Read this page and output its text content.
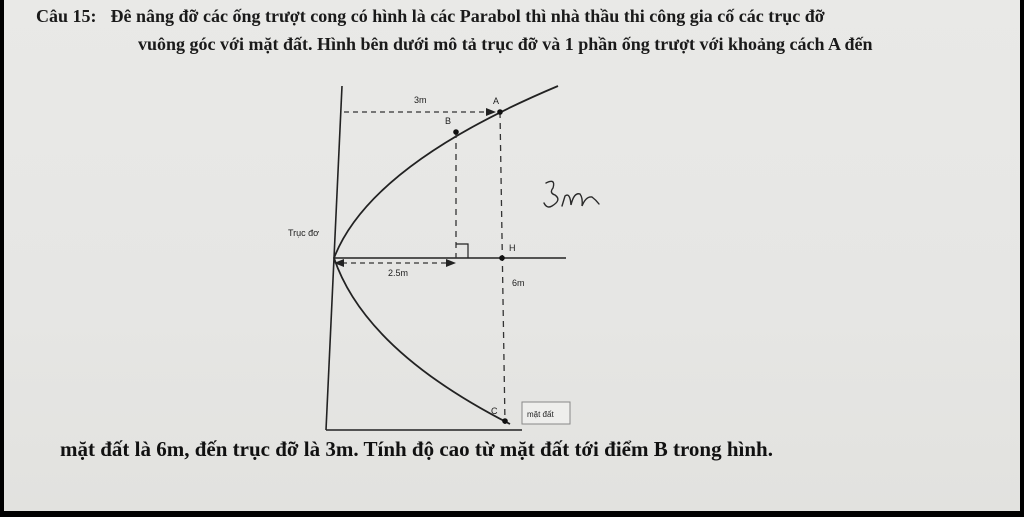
Câu 15: Đê nâng đỡ các ống trượt cong có hình là các Parabol thì nhà thầu thi công gia cố các trục đỡ
vuông góc với mặt đất. Hình bên dưới mô tả trục đỡ và 1 phần ống trượt với khoảng cách A đến
mặt đất là 6m, đến trục đỡ là 3m. Tính độ cao từ mặt đất tới điểm B trong hình.
3m	A
B
Trục đơ
H
2.5m
6m
C	mặt đất
